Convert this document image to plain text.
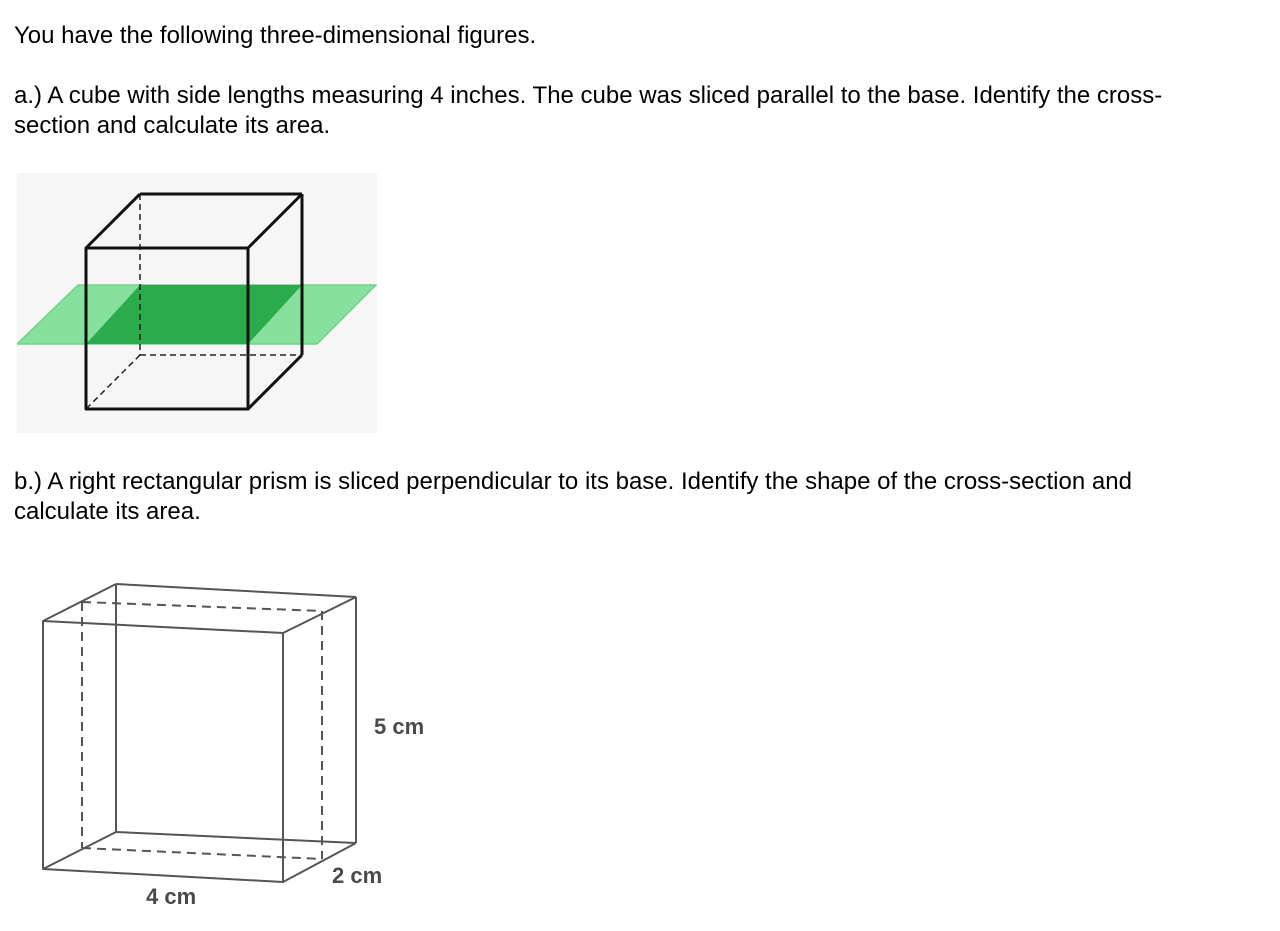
You have the following three-dimensional figures.

a.) A cube with side lengths measuring 4 inches. The cube was sliced parallel to the base. Identify the cross-

section and calculate its area.

b.) A right rectangular prism is sliced perpendicular to its base. Identify the shape of the cross-section and

calculate its area.

5 cm
2 cm
4 cm
